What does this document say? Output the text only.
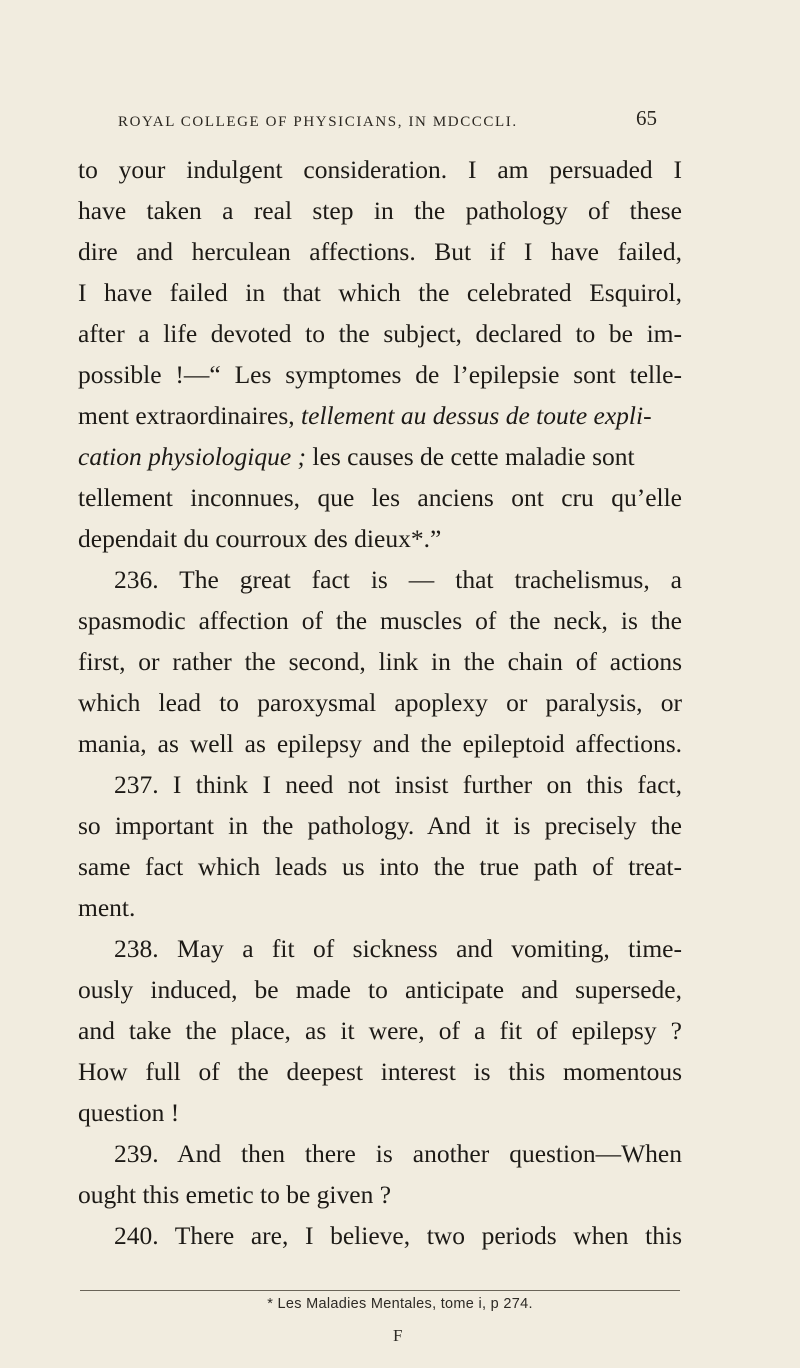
ROYAL COLLEGE OF PHYSICIANS, IN MDCCCLI.	65
to your indulgent consideration. I am persuaded I
have taken a real step in the pathology of these
dire and herculean affections. But if I have failed,
I have failed in that which the celebrated Esquirol,
after a life devoted to the subject, declared to be im-
possible !—“ Les symptomes de l’epilepsie sont telle-
ment extraordinaires, tellement au dessus de toute expli-
cation physiologique ; les causes de cette maladie sont
tellement inconnues, que les anciens ont cru qu’elle
dependait du courroux des dieux*.”
236. The great fact is — that trachelismus, a
spasmodic affection of the muscles of the neck, is the
first, or rather the second, link in the chain of actions
which lead to paroxysmal apoplexy or paralysis, or
mania, as well as epilepsy and the epileptoid affections.
237. I think I need not insist further on this fact,
so important in the pathology. And it is precisely the
same fact which leads us into the true path of treat-
ment.
238. May a fit of sickness and vomiting, time-
ously induced, be made to anticipate and supersede,
and take the place, as it were, of a fit of epilepsy ?
How full of the deepest interest is this momentous
question !
239. And then there is another question—When
ought this emetic to be given ?
240. There are, I believe, two periods when this
* Les Maladies Mentales, tome i, p 274.
F
